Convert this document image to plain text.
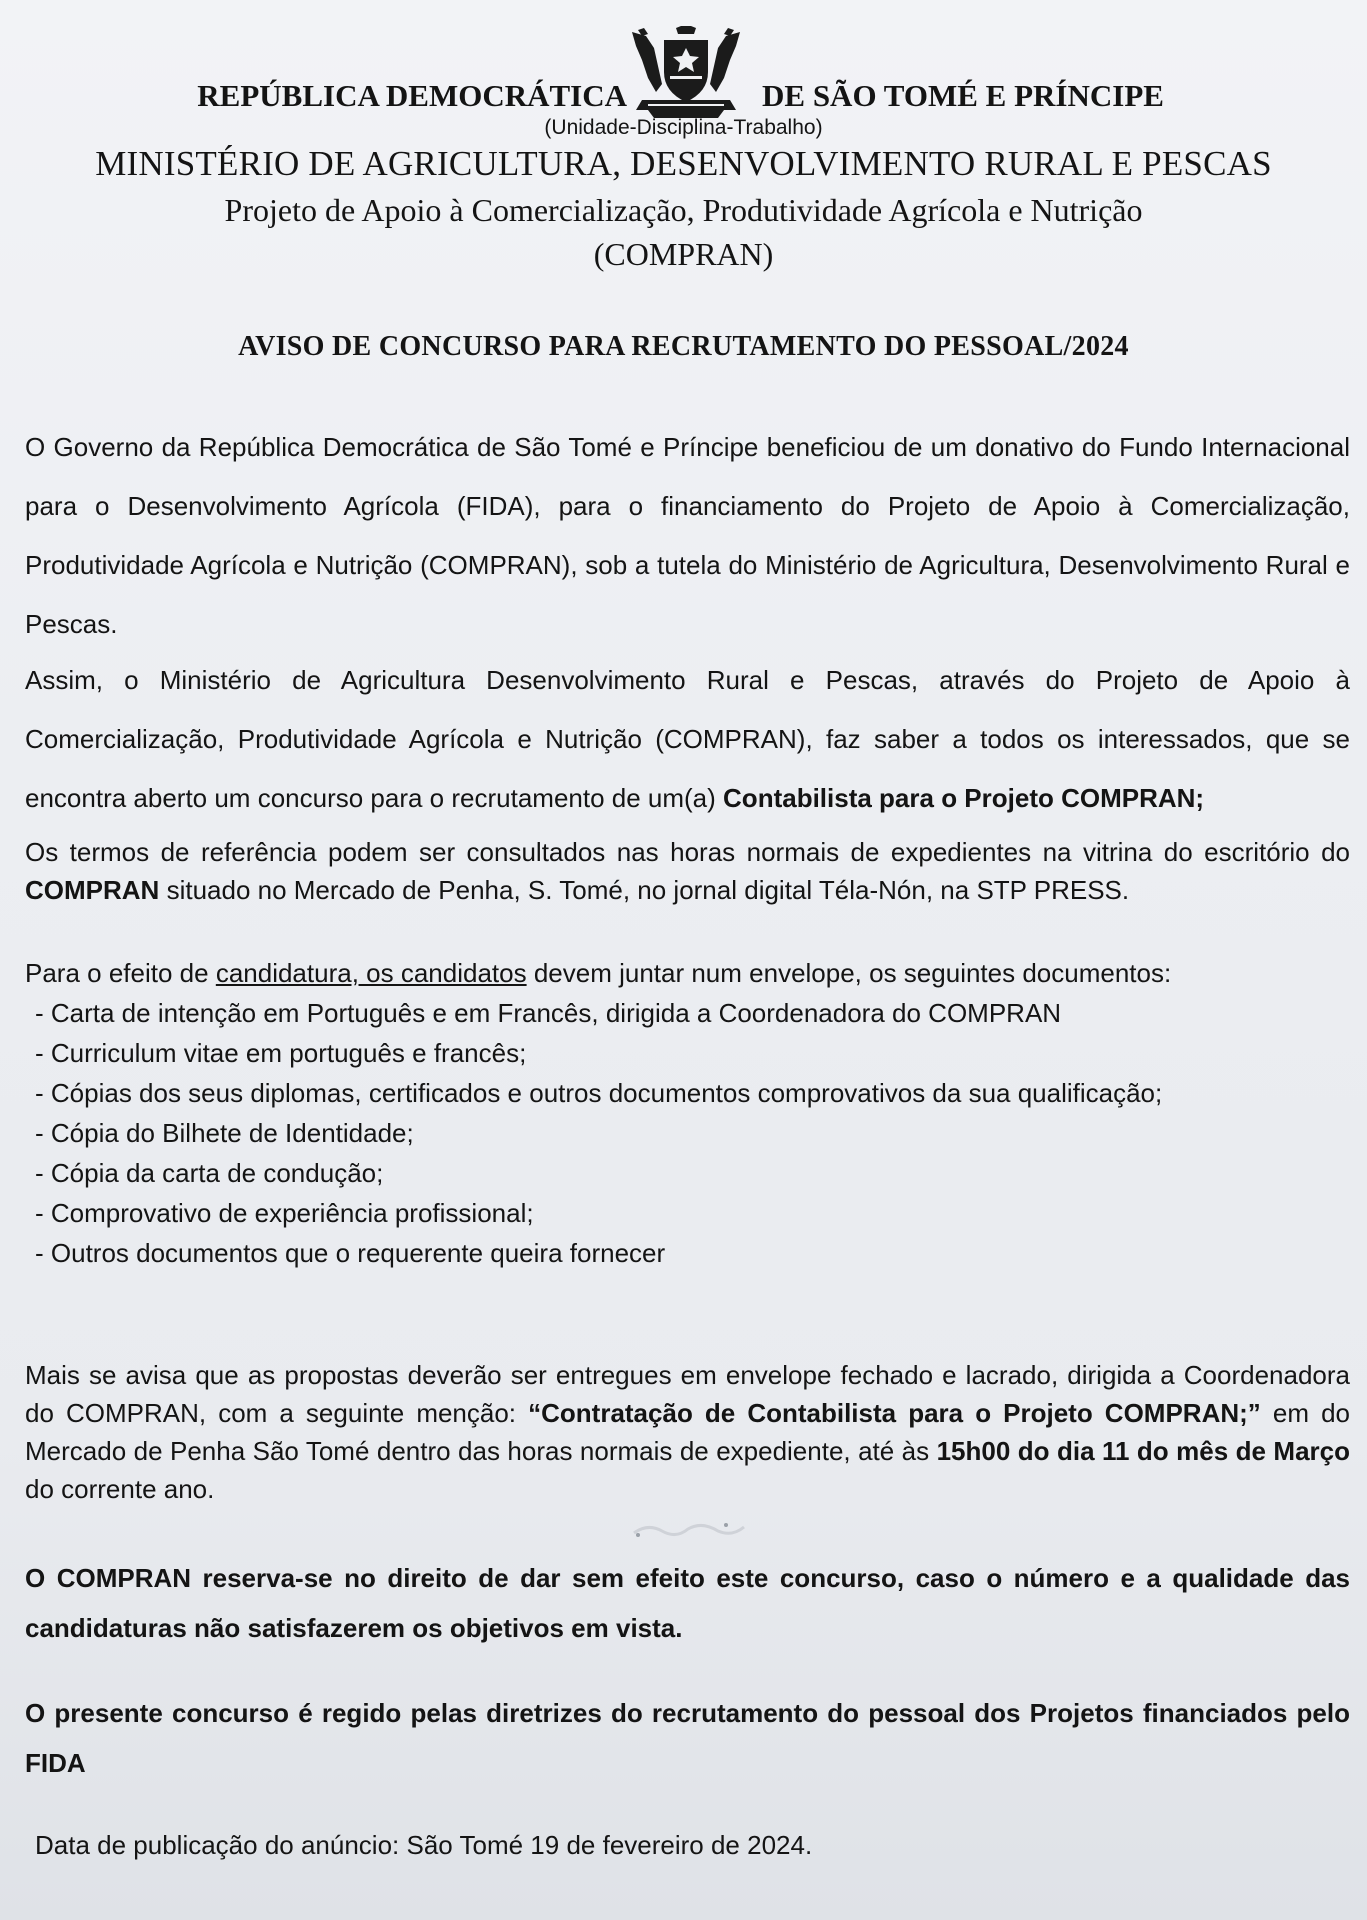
REPÚBLICA DEMOCRÁTICA	DE SÃO TOMÉ E PRÍNCIPE
(Unidade-Disciplina-Trabalho)
MINISTÉRIO DE AGRICULTURA, DESENVOLVIMENTO RURAL E PESCAS
Projeto de Apoio à Comercialização, Produtividade Agrícola e Nutrição
(COMPRAN)
AVISO DE CONCURSO PARA RECRUTAMENTO DO PESSOAL/2024
O Governo da República Democrática de São Tomé e Príncipe beneficiou de um donativo do Fundo Internacional para o Desenvolvimento Agrícola (FIDA), para o financiamento do Projeto de Apoio à Comercialização, Produtividade Agrícola e Nutrição (COMPRAN), sob a tutela do Ministério de Agricultura, Desenvolvimento Rural e Pescas.
Assim, o Ministério de Agricultura Desenvolvimento Rural e Pescas, através do Projeto de Apoio à Comercialização, Produtividade Agrícola e Nutrição (COMPRAN), faz saber a todos os interessados, que se encontra aberto um concurso para o recrutamento de um(a) Contabilista para o Projeto COMPRAN;
Os termos de referência podem ser consultados nas horas normais de expedientes na vitrina do escritório do COMPRAN situado no Mercado de Penha, S. Tomé, no jornal digital Téla-Nón, na STP PRESS.
Para o efeito de candidatura, os candidatos devem juntar num envelope, os seguintes documentos:
- Carta de intenção em Português e em Francês, dirigida a Coordenadora do COMPRAN
- Curriculum vitae em português e francês;
- Cópias dos seus diplomas, certificados e outros documentos comprovativos da sua qualificação;
- Cópia do Bilhete de Identidade;
- Cópia da carta de condução;
- Comprovativo de experiência profissional;
- Outros documentos que o requerente queira fornecer
Mais se avisa que as propostas deverão ser entregues em envelope fechado e lacrado, dirigida a Coordenadora do COMPRAN, com a seguinte menção: “Contratação de Contabilista para o Projeto COMPRAN;” em do Mercado de Penha São Tomé dentro das horas normais de expediente, até às 15h00 do dia 11 do mês de Março do corrente ano.
O COMPRAN reserva-se no direito de dar sem efeito este concurso, caso o número e a qualidade das candidaturas não satisfazerem os objetivos em vista.
O presente concurso é regido pelas diretrizes do recrutamento do pessoal dos Projetos financiados pelo FIDA
Data de publicação do anúncio: São Tomé 19 de fevereiro de 2024.
